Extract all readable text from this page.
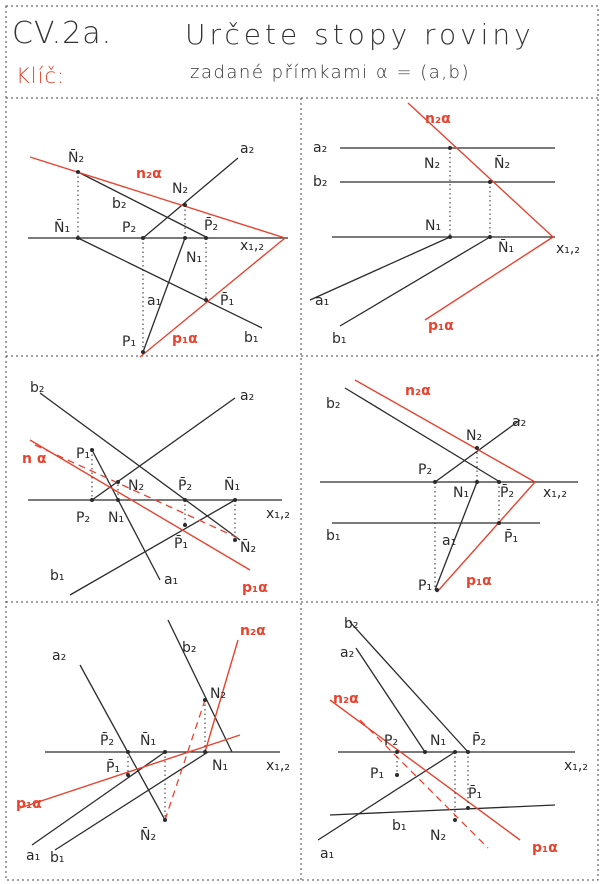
CV.2a.	Určete stopy roviny
Klíč:	zadané přímkami α = (a,b)
N̄₂
n₂α
a₂
N₂
b₂
N̄₁	P₂	P̄₂
x₁,₂
N₁
a₁	P̄₁
P₁	p₁α	b₁
n₂α
a₂
N₂	N̄₂
b₂
N₁
N̄₁	x₁,₂
a₁
b₁
p₁α
b₂	a₂
n α P₁
N₂ P̄₂ N̄₁
P₂ N₁	x₁,₂
P̄₁	N̄₂
b₁	a₁	p₁α
n₂α
b₂
N₂
a₂
P₂
N₁ P̄₂ x₁,₂
b₁	a₁	P̄₁
P₁ p₁α
a₂	b₂
n₂α
N₂
P̄₂ N̄₁
P̄₁	N₁	x₁,₂
p₁α
N̄₂
a₁ b₁
b₂
a₂
n₂α
P₂ N₁ P̄₂
P₁	x₁,₂
P̄₁
b₁
N₂
a₁	p₁α
